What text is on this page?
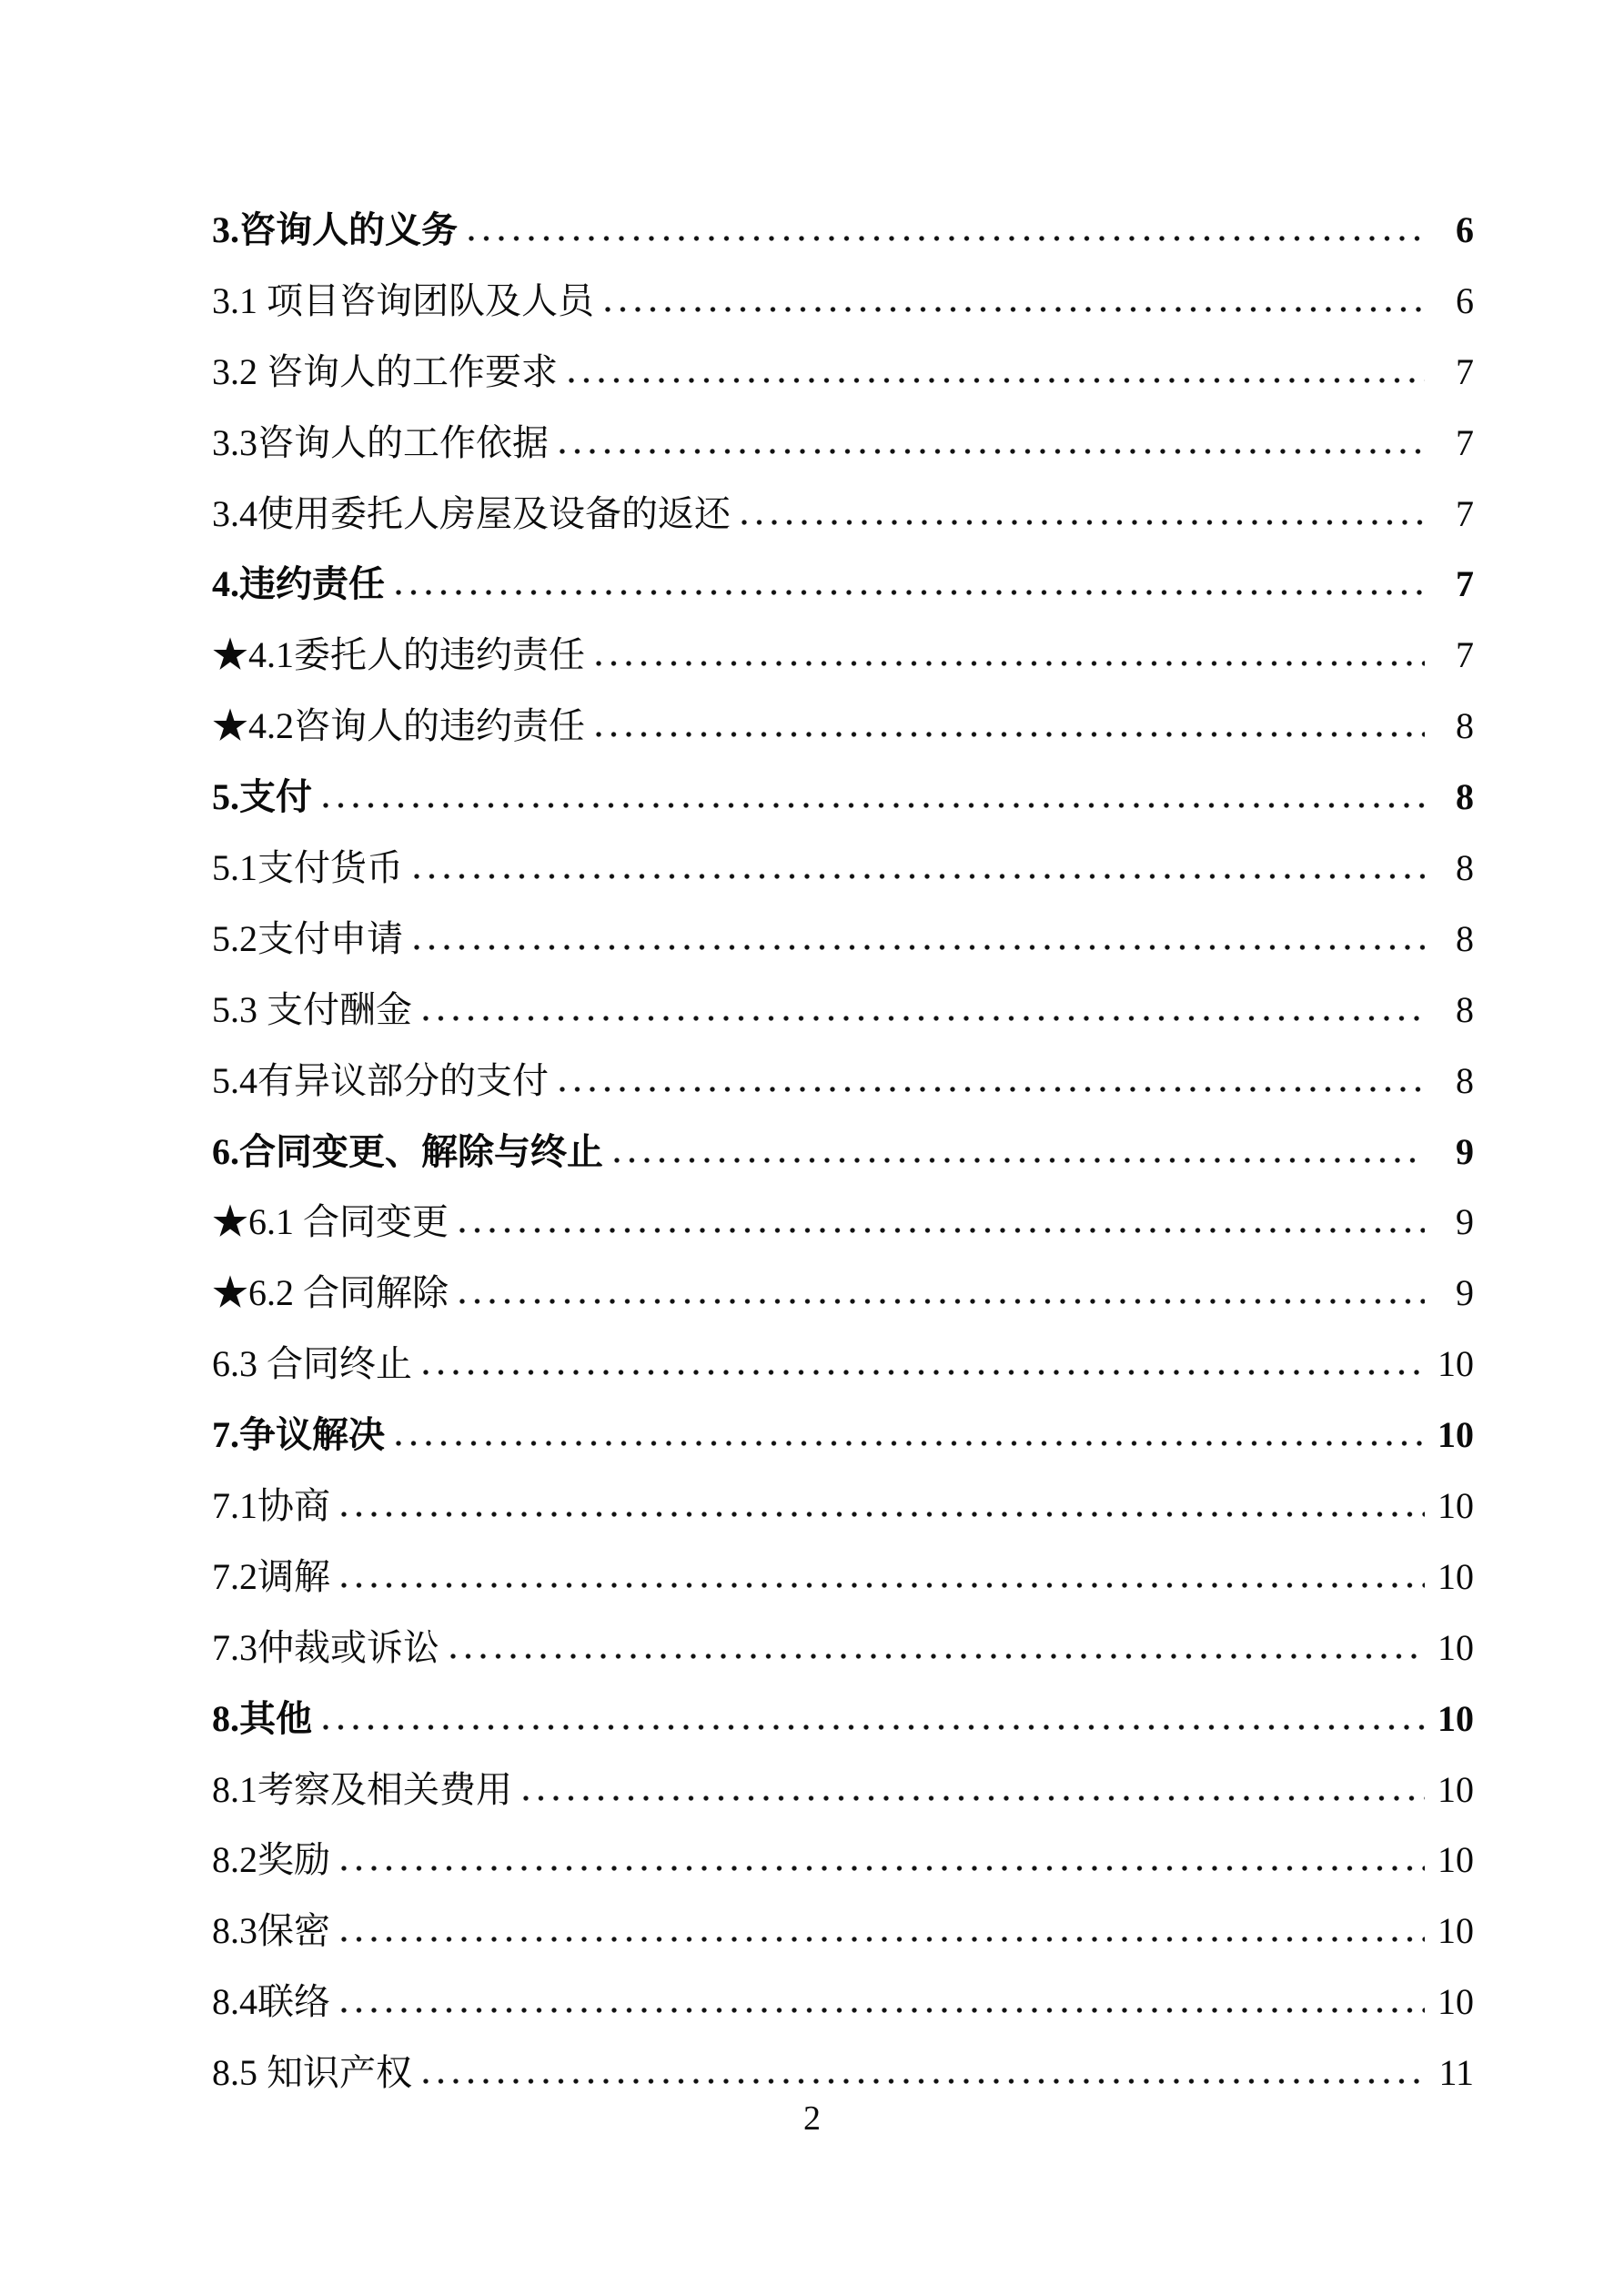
3.咨询人的义务	6
3.1 项目咨询团队及人员	6
3.2 咨询人的工作要求	7
3.3咨询人的工作依据	7
3.4使用委托人房屋及设备的返还	7
4.违约责任	7
★4.1委托人的违约责任	7
★4.2咨询人的违约责任	8
5.支付	8
5.1支付货币	8
5.2支付申请	8
5.3 支付酬金	8
5.4有异议部分的支付	8
6.合同变更、解除与终止	9
★6.1 合同变更	9
★6.2 合同解除	9
6.3 合同终止	10
7.争议解决	10
7.1协商	10
7.2调解	10
7.3仲裁或诉讼	10
8.其他	10
8.1考察及相关费用	10
8.2奖励	10
8.3保密	10
8.4联络	10
8.5 知识产权	11
2
